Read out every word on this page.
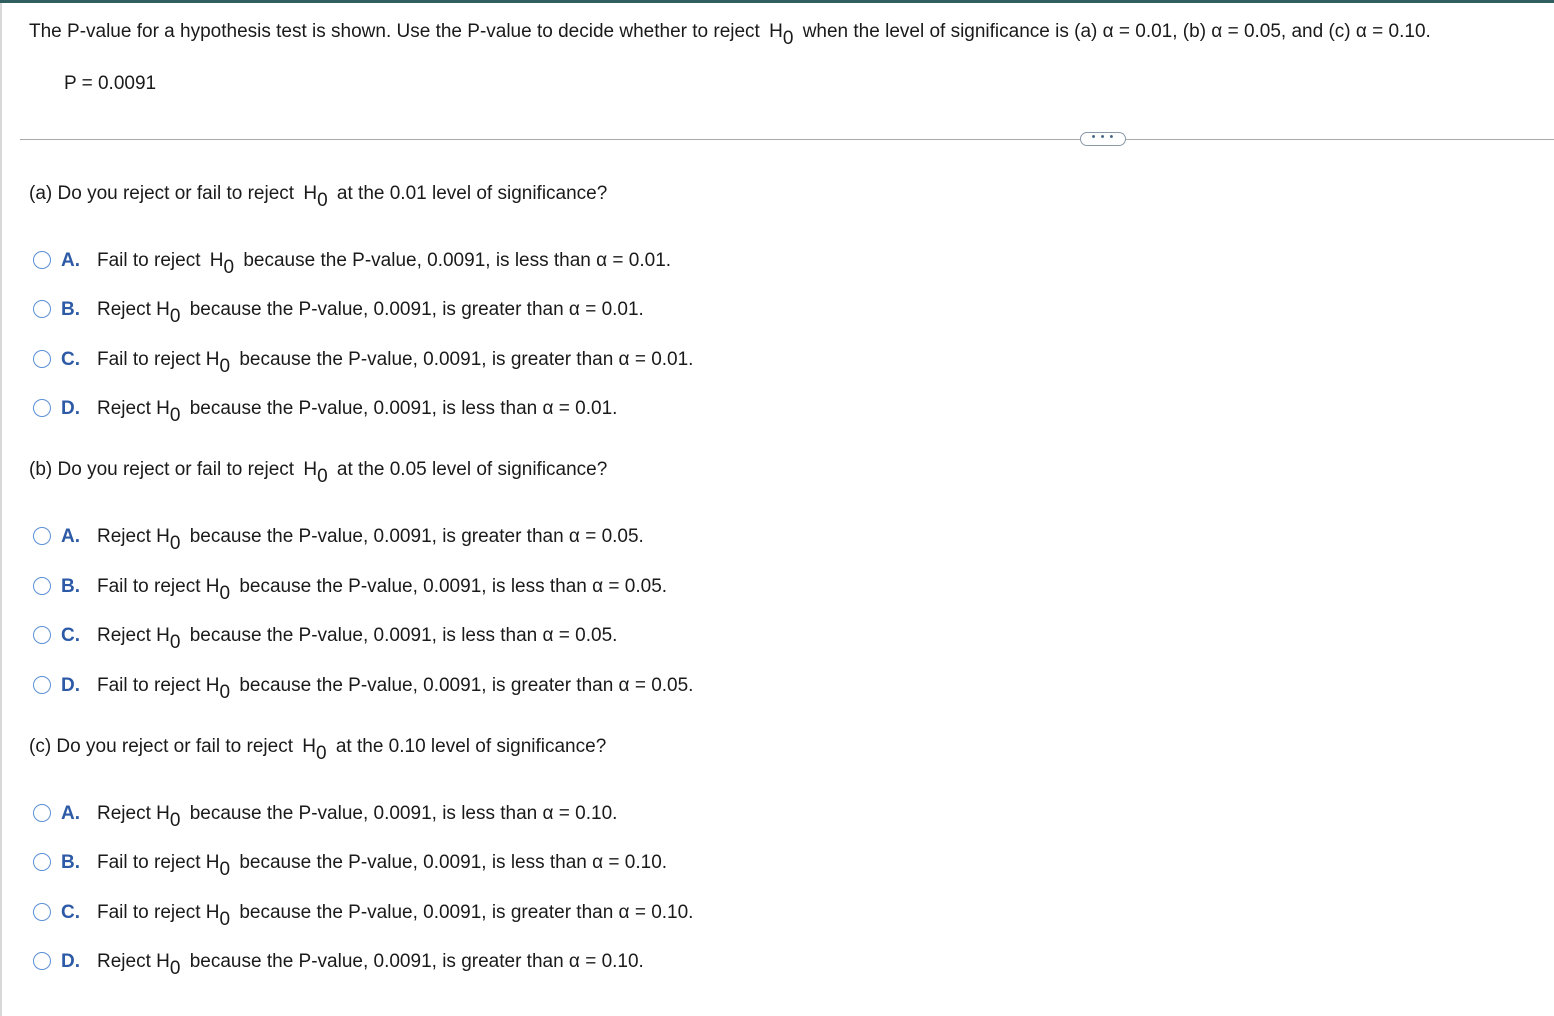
The P-value for a hypothesis test is shown. Use the P-value to decide whether to reject H0 when the level of significance is (a) α = 0.01, (b) α = 0.05, and (c) α = 0.10.
P = 0.0091
• • •
(a) Do you reject or fail to reject H0 at the 0.01 level of significance?
A. Fail to reject H0 because the P-value, 0.0091, is less than α = 0.01.
B. Reject H0 because the P-value, 0.0091, is greater than α = 0.01.
C. Fail to reject H0 because the P-value, 0.0091, is greater than α = 0.01.
D. Reject H0 because the P-value, 0.0091, is less than α = 0.01.
(b) Do you reject or fail to reject H0 at the 0.05 level of significance?
A. Reject H0 because the P-value, 0.0091, is greater than α = 0.05.
B. Fail to reject H0 because the P-value, 0.0091, is less than α = 0.05.
C. Reject H0 because the P-value, 0.0091, is less than α = 0.05.
D. Fail to reject H0 because the P-value, 0.0091, is greater than α = 0.05.
(c) Do you reject or fail to reject H0 at the 0.10 level of significance?
A. Reject H0 because the P-value, 0.0091, is less than α = 0.10.
B. Fail to reject H0 because the P-value, 0.0091, is less than α = 0.10.
C. Fail to reject H0 because the P-value, 0.0091, is greater than α = 0.10.
D. Reject H0 because the P-value, 0.0091, is greater than α = 0.10.
